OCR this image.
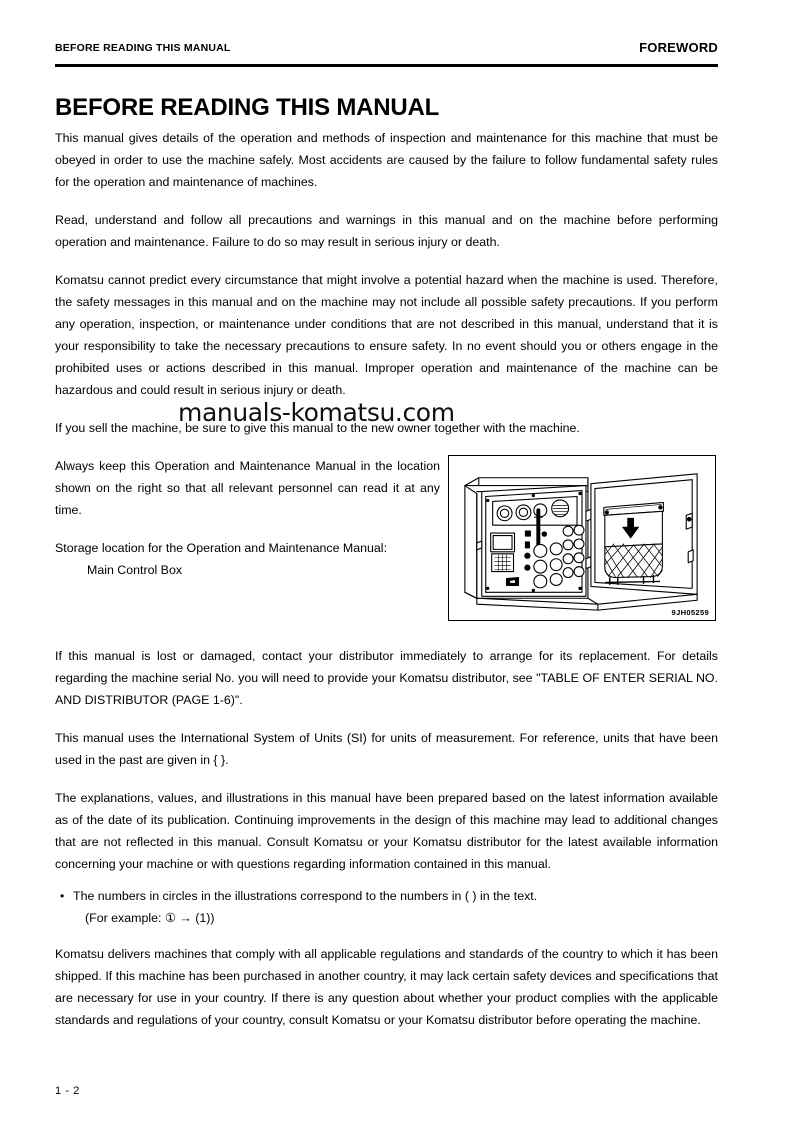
BEFORE READING THIS MANUAL	FOREWORD
BEFORE READING THIS MANUAL

This manual gives details of the operation and methods of inspection and maintenance for this machine that must be obeyed in order to use the machine safely. Most accidents are caused by the failure to follow fundamental safety rules for the operation and maintenance of machines.

Read, understand and follow all precautions and warnings in this manual and on the machine before performing operation and maintenance. Failure to do so may result in serious injury or death.

Komatsu cannot predict every circumstance that might involve a potential hazard when the machine is used. Therefore, the safety messages in this manual and on the machine may not include all possible safety precautions. If you perform any operation, inspection, or maintenance under conditions that are not described in this manual, understand that it is your responsibility to take the necessary precautions to ensure safety. In no event should you or others engage in the prohibited uses or actions described in this manual. Improper operation and maintenance of the machine can be hazardous and could result in serious injury or death.

If you sell the machine, be sure to give this manual to the new owner together with the machine.

Always keep this Operation and Maintenance Manual in the location shown on the right so that all relevant personnel can read it at any time.

Storage location for the Operation and Maintenance Manual:
Main Control Box

9JH05259

If this manual is lost or damaged, contact your distributor immediately to arrange for its replacement. For details regarding the machine serial No. you will need to provide your Komatsu distributor, see "TABLE OF ENTER SERIAL NO. AND DISTRIBUTOR (PAGE 1-6)".

This manual uses the International System of Units (SI) for units of measurement. For reference, units that have been used in the past are given in { }.

The explanations, values, and illustrations in this manual have been prepared based on the latest information available as of the date of its publication. Continuing improvements in the design of this machine may lead to additional changes that are not reflected in this manual. Consult Komatsu or your Komatsu distributor for the latest available information concerning your machine or with questions regarding information contained in this manual.

• The numbers in circles in the illustrations correspond to the numbers in ( ) in the text.
(For example: ① → (1))

Komatsu delivers machines that comply with all applicable regulations and standards of the country to which it has been shipped. If this machine has been purchased in another country, it may lack certain safety devices and specifications that are necessary for use in your country. If there is any question about whether your product complies with the applicable standards and regulations of your country, consult Komatsu or your Komatsu distributor before operating the machine.

manuals-komatsu.com
1 - 2
